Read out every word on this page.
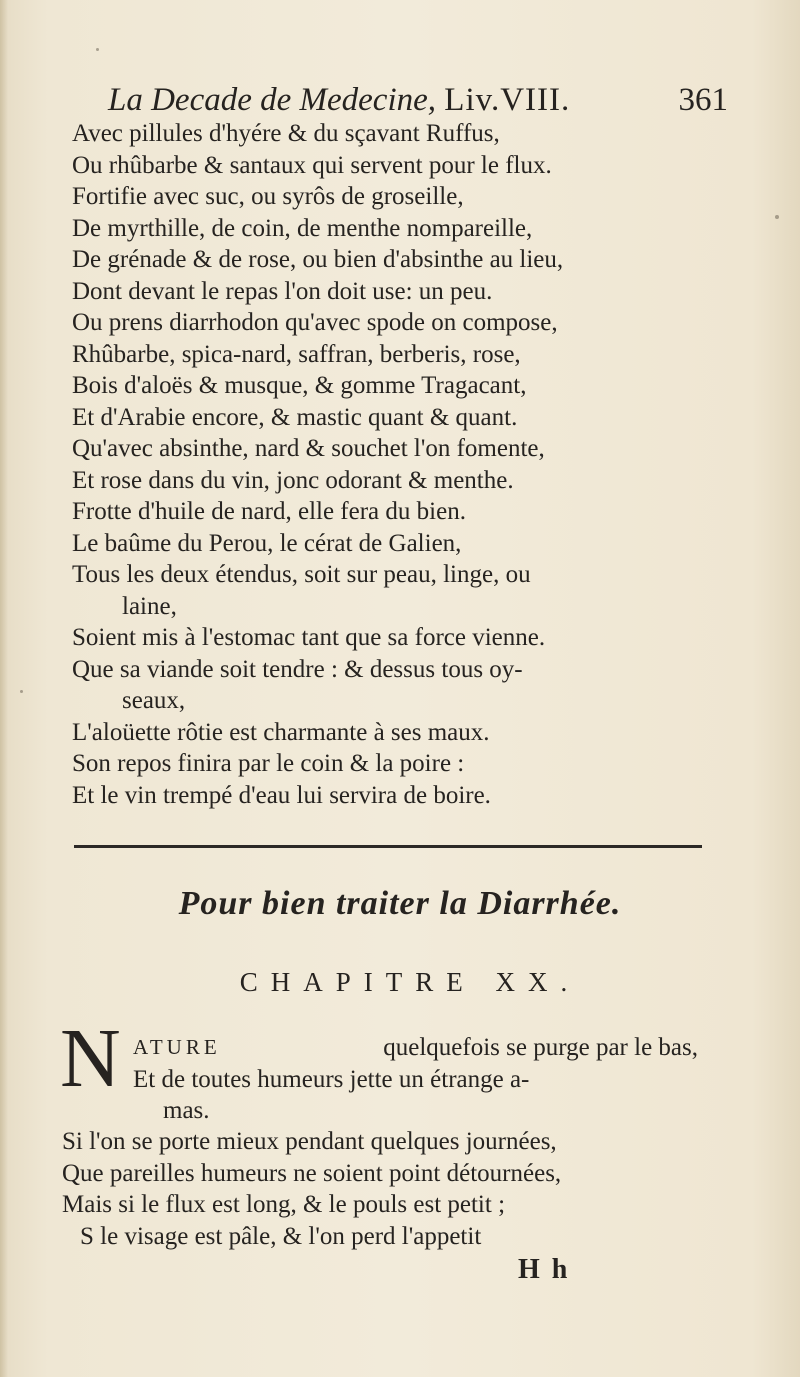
La Decade de Medecine, Liv.VIII.	361
Avec pillules d'hyére & du sçavant Ruffus,
Ou rhûbarbe & santaux qui servent pour le flux.
Fortifie avec suc, ou syrôs de groseille,
De myrthille, de coin, de menthe nompareille,
De grénade & de rose, ou bien d'absinthe au lieu,
Dont devant le repas l'on doit use: un peu.
Ou prens diarrhodon qu'avec spode on compose,
Rhûbarbe, spica-nard, saffran, berberis, rose,
Bois d'aloës & musque, & gomme Tragacant,
Et d'Arabie encore, & mastic quant & quant.
Qu'avec absinthe, nard & souchet l'on fomente,
Et rose dans du vin, jonc odorant & menthe.
Frotte d'huile de nard, elle fera du bien.
Le baûme du Perou, le cérat de Galien,
Tous les deux étendus, soit sur peau, linge, ou
laine,
Soient mis à l'estomac tant que sa force vienne.
Que sa viande soit tendre : & dessus tous oy-
seaux,
L'aloüette rôtie est charmante à ses maux.
Son repos finira par le coin & la poire :
Et le vin trempé d'eau lui servira de boire.
Pour bien traiter la Diarrhée.
CHAPITRE XX.
N ATURE	quelquefois se purge par le bas,
Et de toutes humeurs jette un étrange a-
mas.
Si l'on se porte mieux pendant quelques journées,
Que pareilles humeurs ne soient point détournées,
Mais si le flux est long, & le pouls est petit ;
S le visage est pâle, & l'on perd l'appetit
Hh
